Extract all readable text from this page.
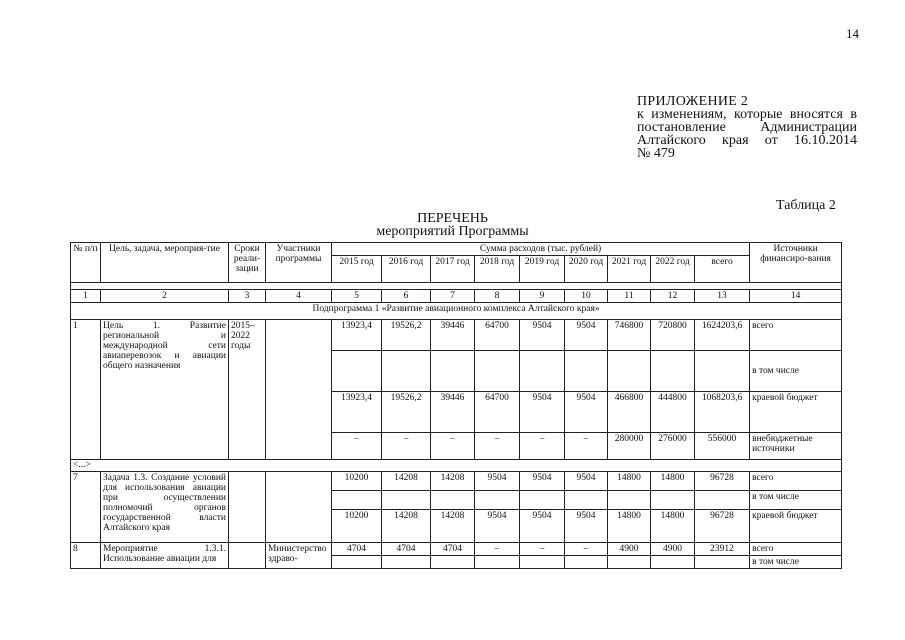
14
ПРИЛОЖЕНИЕ 2
к изменениям, которые вносятся в
постановление Администрации
Алтайского края от 16.10.2014
№ 479
Таблица 2
ПЕРЕЧЕНЬ
мероприятий Программы
№ п/п	Цель, задача, мероприя-тие	Сроки реали-зации	Участники программы	Сумма расходов (тыс. рублей)									Источники финансиро-вания
				2015 год	2016 год	2017 год	2018 год	2019 год	2020 год	2021 год	2022 год	всего	

1	2	3	4	5	6	7	8	9	10	11	12	13	14
Подпрограмма 1 «Развитие авиационного комплекса Алтайского края»													
1	Цель 1. Развитие региональной и международной сети авиаперевозок и авиации общего назначения	2015–2022 годы		13923,4	19526,2	39446	64700	9504	9504	746800	720800	1624203,6	всего
													в том числе
				13923,4	19526,2	39446	64700	9504	9504	466800	444800	1068203,6	краевой бюджет
				–	–	–	–	–	–	280000	276000	556000	внебюджетные источники
<...>													
7	Задача 1.3. Создание условий для использования авиации при осуществлении полномочий органов государственной власти Алтайского края			10200	14208	14208	9504	9504	9504	14800	14800	96728	всего
													в том числе
				10200	14208	14208	9504	9504	9504	14800	14800	96728	краевой бюджет
8	Мероприятие 1.3.1. Использование авиации для		Министерство здраво-	4704	4704	4704	–	–	–	4900	4900	23912	всего
													в том числе
